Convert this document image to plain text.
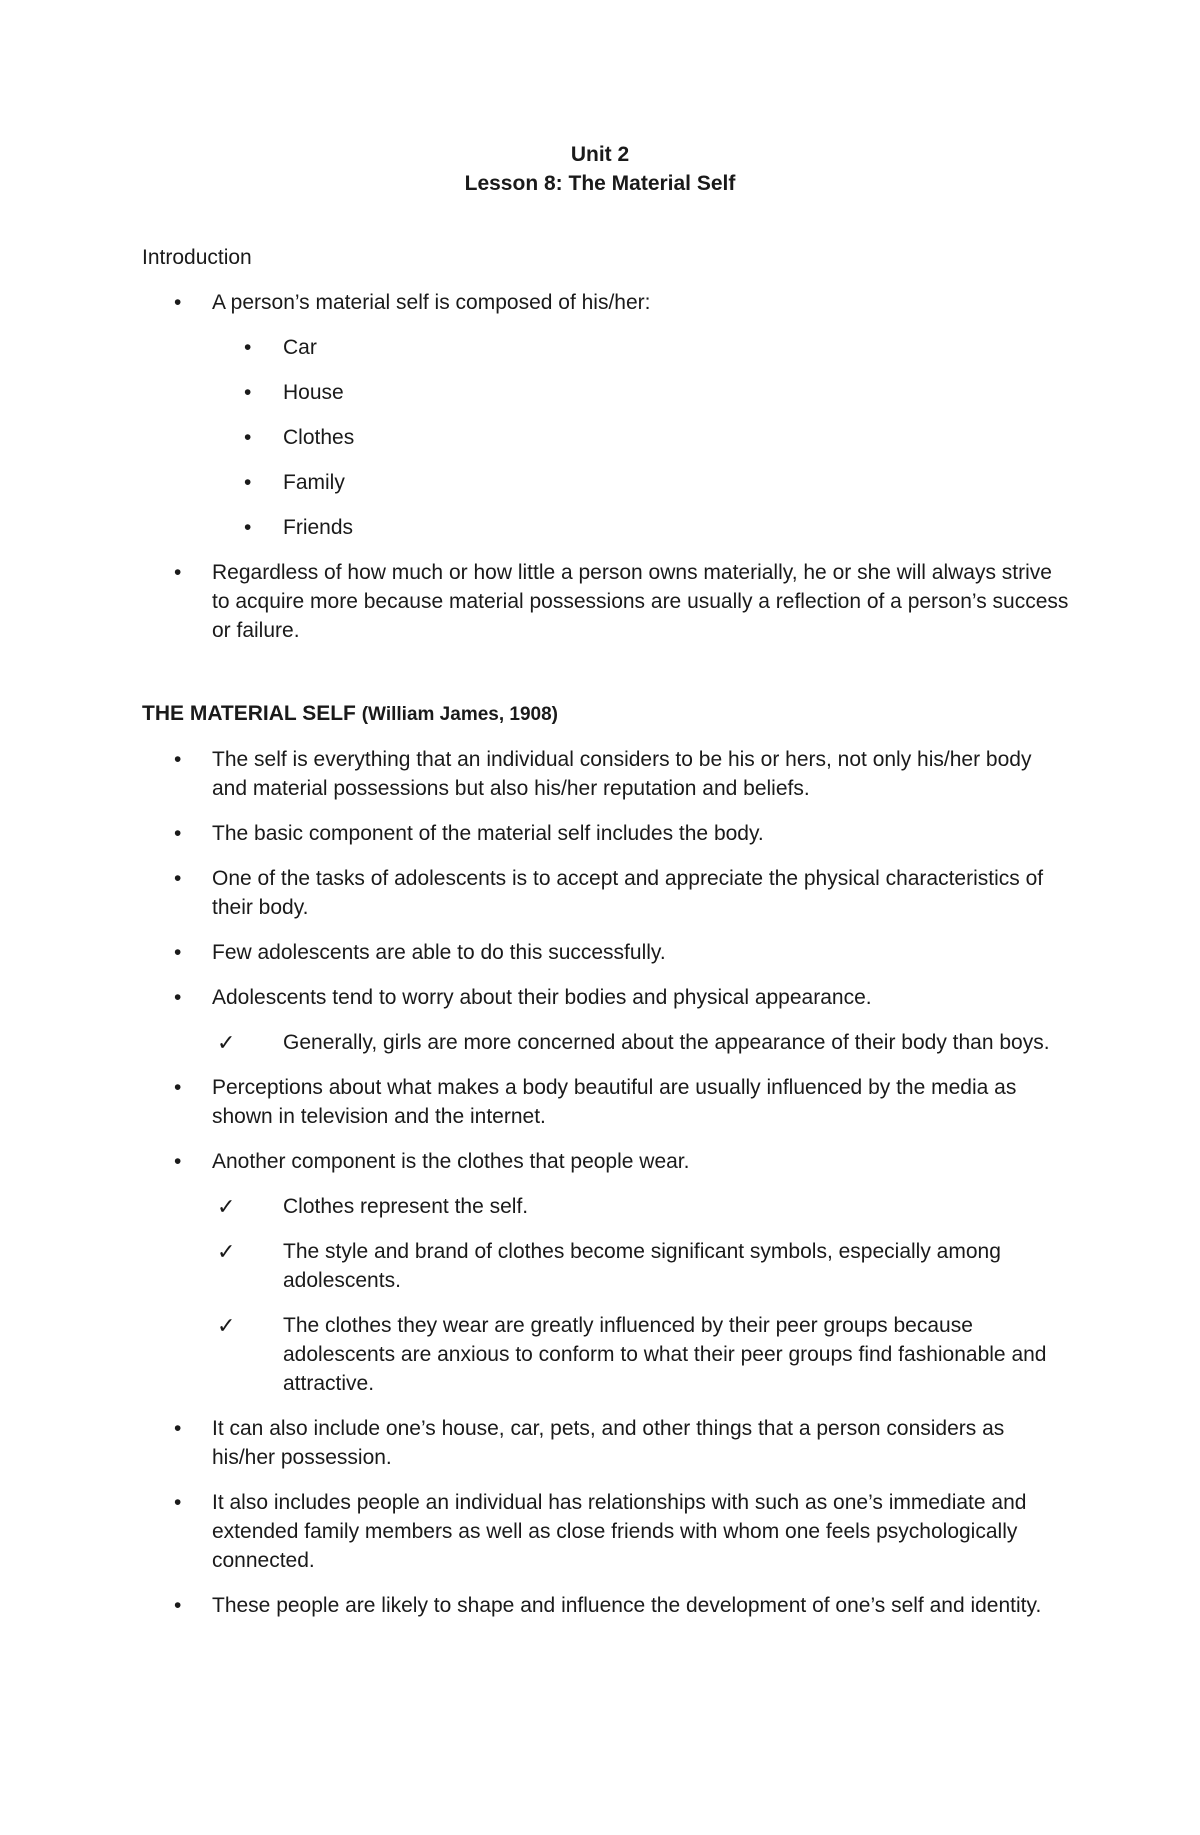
Unit 2
Lesson 8: The Material Self
Introduction
• A person’s material self is composed of his/her:
• Car
• House
• Clothes
• Family
• Friends
• Regardless of how much or how little a person owns materially, he or she will always strive to acquire more because material possessions are usually a reflection of a person’s success or failure.
THE MATERIAL SELF (William James, 1908)
• The self is everything that an individual considers to be his or hers, not only his/her body and material possessions but also his/her reputation and beliefs.
• The basic component of the material self includes the body.
• One of the tasks of adolescents is to accept and appreciate the physical characteristics of their body.
• Few adolescents are able to do this successfully.
• Adolescents tend to worry about their bodies and physical appearance.
✓ Generally, girls are more concerned about the appearance of their body than boys.
• Perceptions about what makes a body beautiful are usually influenced by the media as shown in television and the internet.
• Another component is the clothes that people wear.
✓ Clothes represent the self.
✓ The style and brand of clothes become significant symbols, especially among adolescents.
✓ The clothes they wear are greatly influenced by their peer groups because adolescents are anxious to conform to what their peer groups find fashionable and attractive.
• It can also include one’s house, car, pets, and other things that a person considers as his/her possession.
• It also includes people an individual has relationships with such as one’s immediate and extended family members as well as close friends with whom one feels psychologically connected.
• These people are likely to shape and influence the development of one’s self and identity.
